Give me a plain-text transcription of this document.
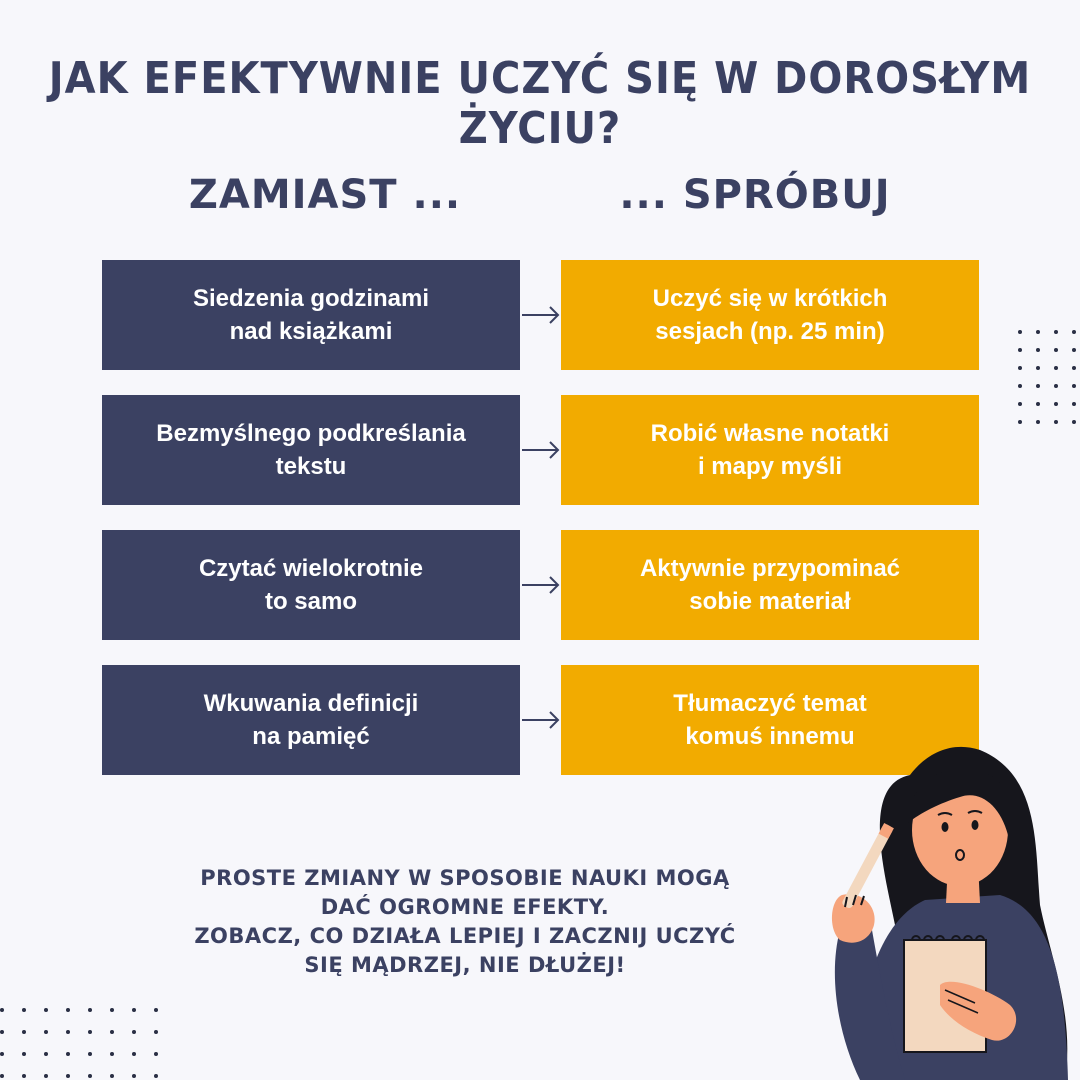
JAK EFEKTYWNIE UCZYĆ SIĘ W DOROSŁYM ŻYCIU?
ZAMIAST ...	... SPRÓBUJ
Siedzenia godzinami
nad książkami
Uczyć się w krótkich
sesjach (np. 25 min)
Bezmyślnego podkreślania
tekstu
Robić własne notatki
i mapy myśli
Czytać wielokrotnie
to samo
Aktywnie przypominać
sobie materiał
Wkuwania definicji
na pamięć
Tłumaczyć temat
komuś innemu
PROSTE ZMIANY W SPOSOBIE NAUKI MOGĄ
DAĆ OGROMNE EFEKTY.
ZOBACZ, CO DZIAŁA LEPIEJ I ZACZNIJ UCZYĆ
SIĘ MĄDRZEJ, NIE DŁUŻEJ!
